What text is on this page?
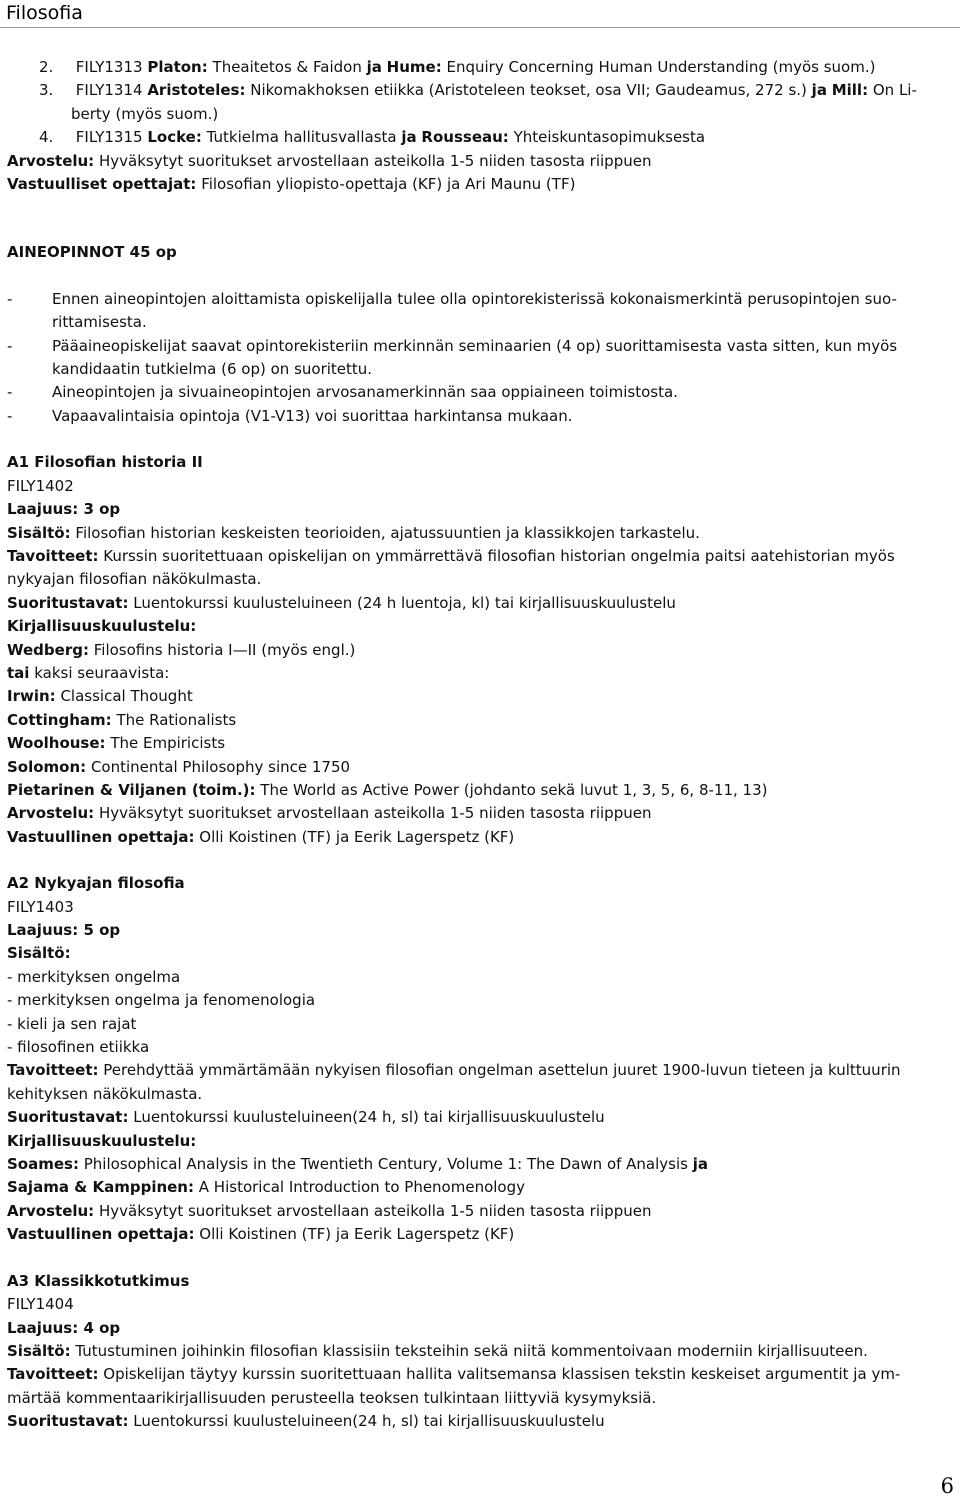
Filosofia
2. FILY1313 Platon: Theaitetos & Faidon ja Hume: Enquiry Concerning Human Understanding (myös suom.)
3. FILY1314 Aristoteles: Nikomakhoksen etiikka (Aristoteleen teokset, osa VII; Gaudeamus, 272 s.) ja Mill: On Li-
berty (myös suom.)
4. FILY1315 Locke: Tutkielma hallitusvallasta ja Rousseau: Yhteiskuntasopimuksesta
Arvostelu: Hyväksytyt suoritukset arvostellaan asteikolla 1-5 niiden tasosta riippuen
Vastuulliset opettajat: Filosofian yliopisto-opettaja (KF) ja Ari Maunu (TF)
AINEOPINNOT 45 op
-	Ennen aineopintojen aloittamista opiskelijalla tulee olla opintorekisterissä kokonaismerkintä perusopintojen suo-
rittamisesta.
-	Pääaineopiskelijat saavat opintorekisteriin merkinnän seminaarien (4 op) suorittamisesta vasta sitten, kun myös
kandidaatin tutkielma (6 op) on suoritettu.
-	Aineopintojen ja sivuaineopintojen arvosanamerkinnän saa oppiaineen toimistosta.
-	Vapaavalintaisia opintoja (V1-V13) voi suorittaa harkintansa mukaan.
A1 Filosofian historia II
FILY1402
Laajuus: 3 op
Sisältö: Filosofian historian keskeisten teorioiden, ajatussuuntien ja klassikkojen tarkastelu.
Tavoitteet: Kurssin suoritettuaan opiskelijan on ymmärrettävä filosofian historian ongelmia paitsi aatehistorian myös
nykyajan filosofian näkökulmasta.
Suoritustavat: Luentokurssi kuulusteluineen (24 h luentoja, kl) tai kirjallisuuskuulustelu
Kirjallisuuskuulustelu:
Wedberg: Filosofins historia I—II (myös engl.)
tai kaksi seuraavista:
Irwin: Classical Thought
Cottingham: The Rationalists
Woolhouse: The Empiricists
Solomon: Continental Philosophy since 1750
Pietarinen & Viljanen (toim.): The World as Active Power (johdanto sekä luvut 1, 3, 5, 6, 8-11, 13)
Arvostelu: Hyväksytyt suoritukset arvostellaan asteikolla 1-5 niiden tasosta riippuen
Vastuullinen opettaja: Olli Koistinen (TF) ja Eerik Lagerspetz (KF)
A2 Nykyajan filosofia
FILY1403
Laajuus: 5 op
Sisältö:
- merkityksen ongelma
- merkityksen ongelma ja fenomenologia
- kieli ja sen rajat
- filosofinen etiikka
Tavoitteet: Perehdyttää ymmärtämään nykyisen filosofian ongelman asettelun juuret 1900-luvun tieteen ja kulttuurin
kehityksen näkökulmasta.
Suoritustavat: Luentokurssi kuulusteluineen(24 h, sl) tai kirjallisuuskuulustelu
Kirjallisuuskuulustelu:
Soames: Philosophical Analysis in the Twentieth Century, Volume 1: The Dawn of Analysis ja
Sajama & Kamppinen: A Historical Introduction to Phenomenology
Arvostelu: Hyväksytyt suoritukset arvostellaan asteikolla 1-5 niiden tasosta riippuen
Vastuullinen opettaja: Olli Koistinen (TF) ja Eerik Lagerspetz (KF)
A3 Klassikkotutkimus
FILY1404
Laajuus: 4 op
Sisältö: Tutustuminen joihinkin filosofian klassisiin teksteihin sekä niitä kommentoivaan moderniin kirjallisuuteen.
Tavoitteet: Opiskelijan täytyy kurssin suoritettuaan hallita valitsemansa klassisen tekstin keskeiset argumentit ja ym-
märtää kommentaarikirjallisuuden perusteella teoksen tulkintaan liittyviä kysymyksiä.
Suoritustavat: Luentokurssi kuulusteluineen(24 h, sl) tai kirjallisuuskuulustelu
6
